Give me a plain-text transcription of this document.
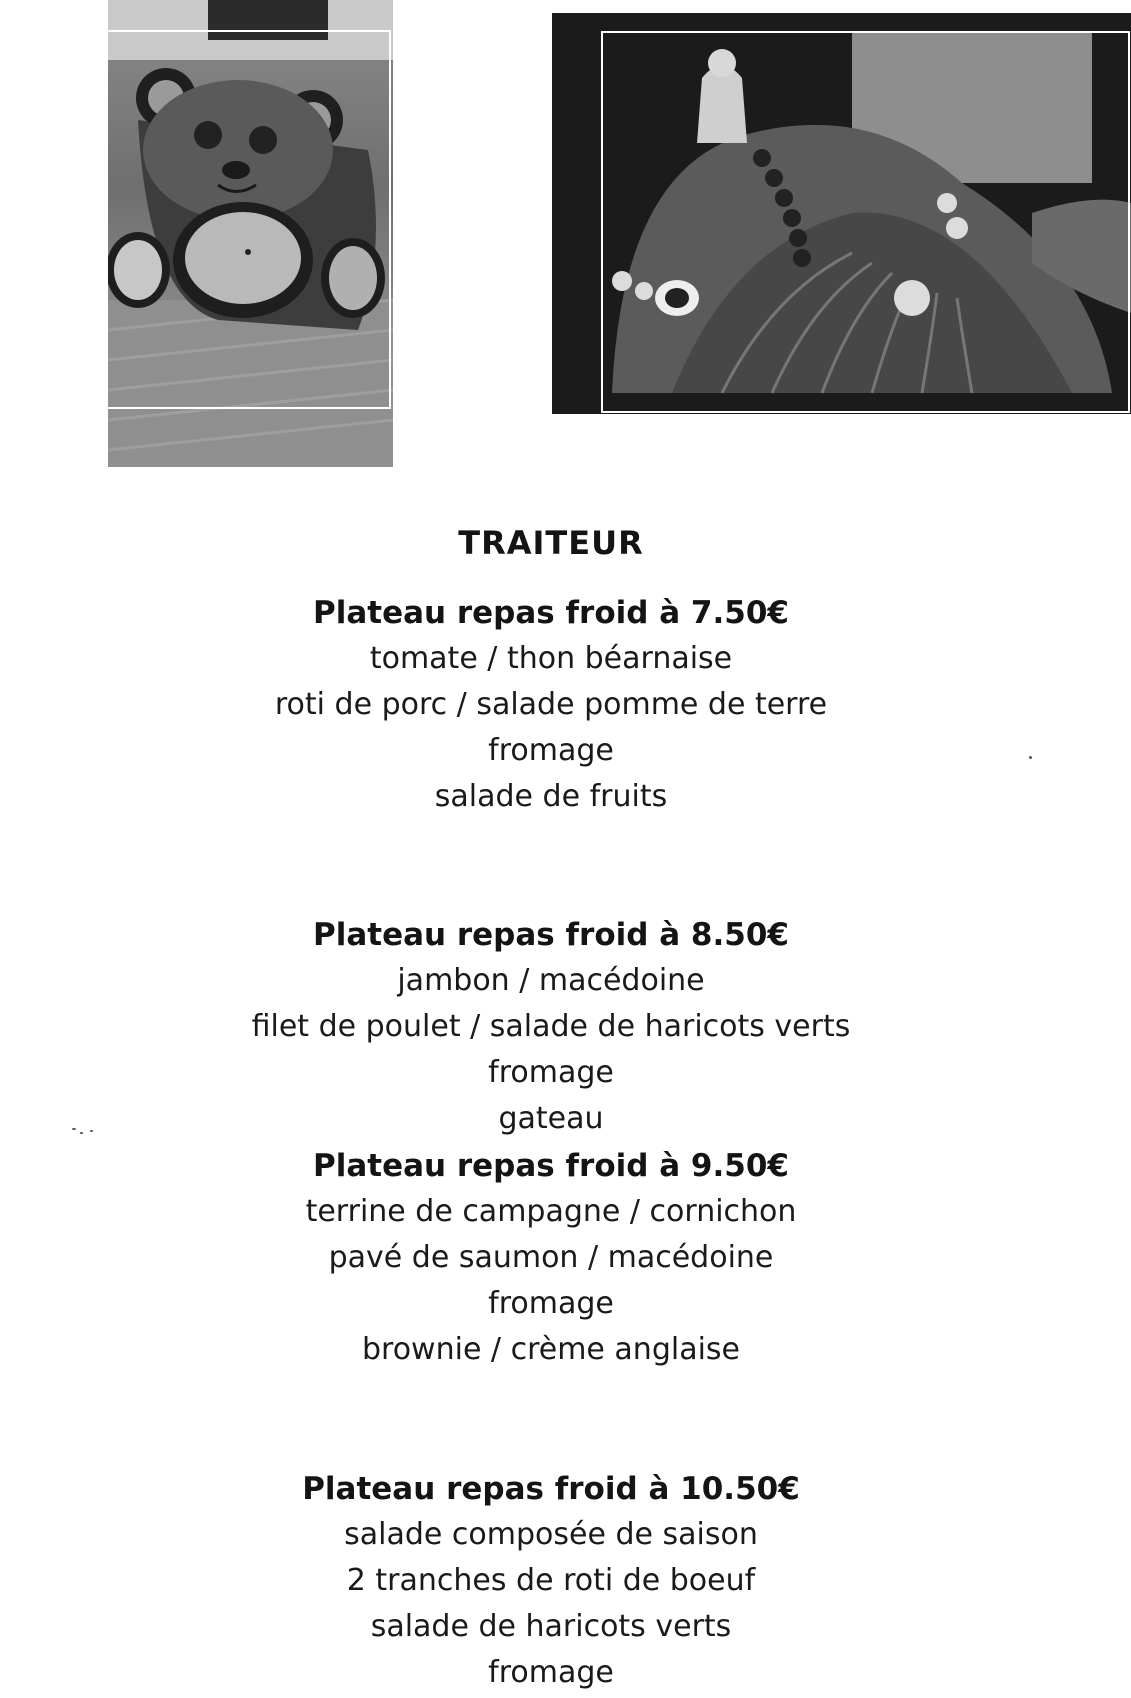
TRAITEUR
Plateau repas froid à 7.50€
tomate / thon béarnaise
roti de porc / salade pomme de terre
fromage
salade de fruits
Plateau repas froid à 8.50€
jambon / macédoine
filet de poulet / salade de haricots verts
fromage
gateau
Plateau repas froid à 9.50€
terrine de campagne / cornichon
pavé de saumon / macédoine
fromage
brownie / crème anglaise
Plateau repas froid à 10.50€
salade composée de saison
2 tranches de roti de boeuf
salade de haricots verts
fromage
